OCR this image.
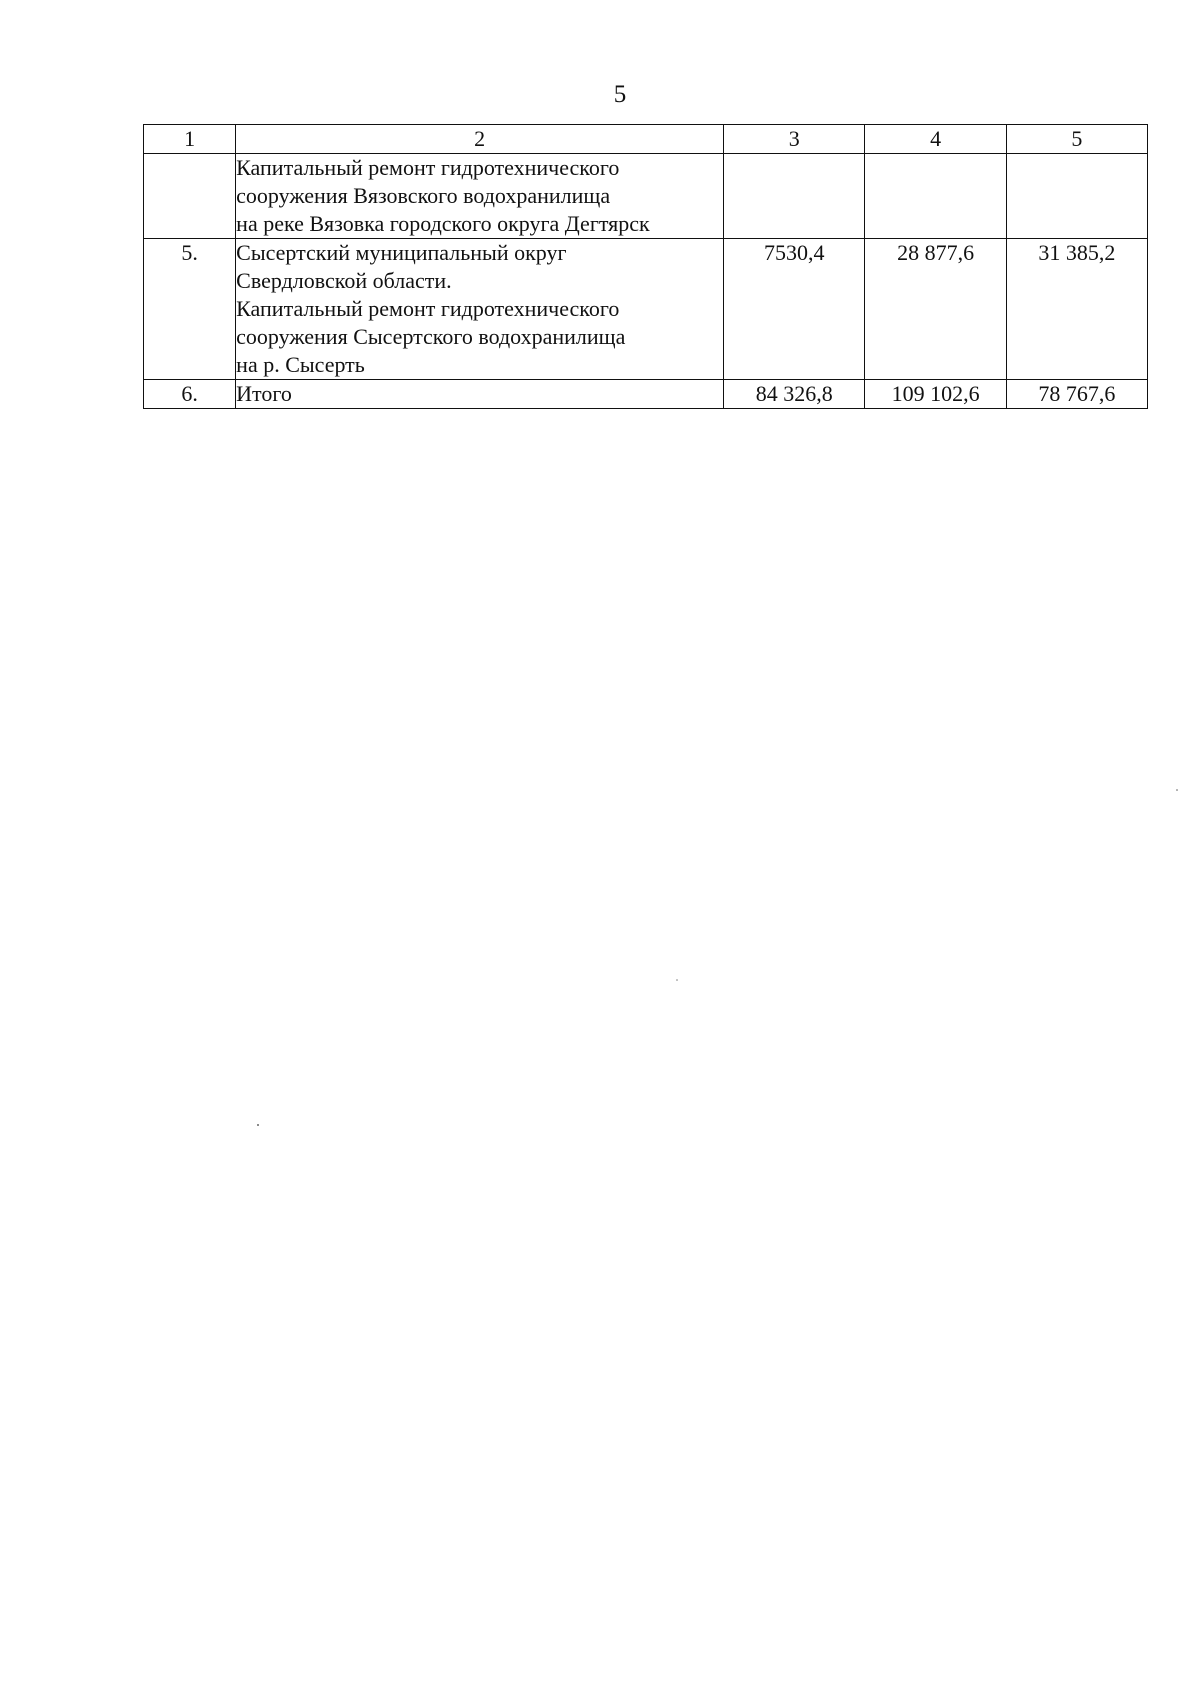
5
1	2	3	4	5

	Капитальный ремонт гидротехнического
сооружения Вязовского водохранилища
на реке Вязовка городского округа Дегтярск			

5.	Сысертский муниципальный округ
Свердловской области.
Капитальный ремонт гидротехнического
сооружения Сысертского водохранилища
на р. Сысерть	7530,4	28 877,6	31 385,2
6.	Итого	84 326,8	109 102,6	78 767,6
